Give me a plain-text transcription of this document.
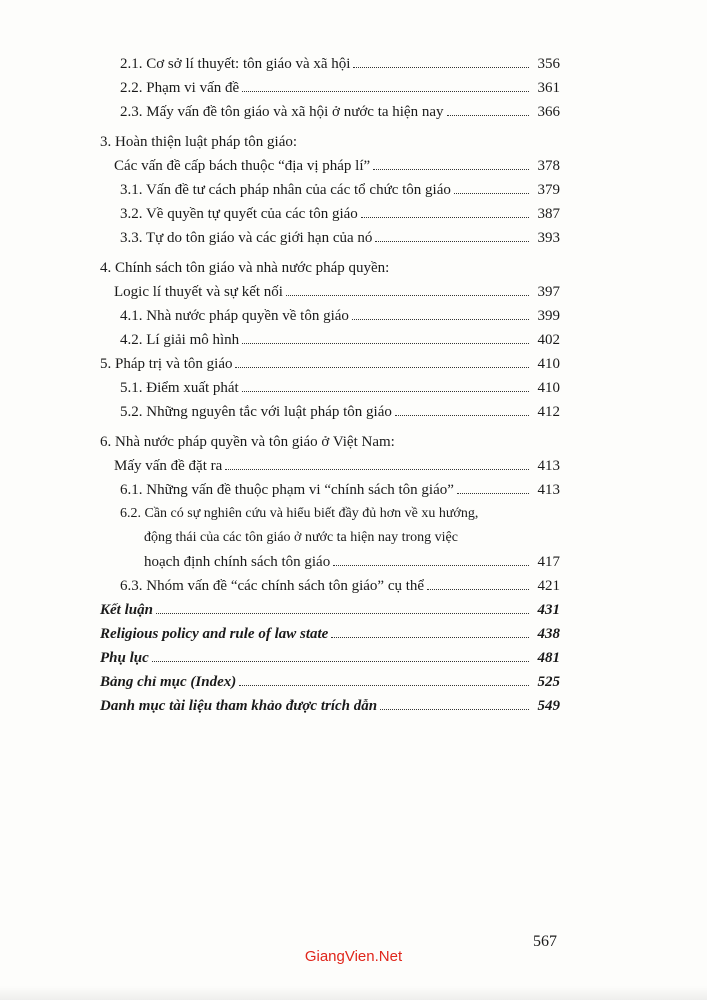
2.1. Cơ sở lí thuyết: tôn giáo và xã hội	356
2.2. Phạm vi vấn đề	361
2.3. Mấy vấn đề tôn giáo và xã hội ở nước ta hiện nay	366
3. Hoàn thiện luật pháp tôn giáo:
Các vấn đề cấp bách thuộc “địa vị pháp lí”	378
3.1. Vấn đề tư cách pháp nhân của các tổ chức tôn giáo	379
3.2. Về quyền tự quyết của các tôn giáo	387
3.3. Tự do tôn giáo và các giới hạn của nó	393
4. Chính sách tôn giáo và nhà nước pháp quyền:
Logic lí thuyết và sự kết nối	397
4.1. Nhà nước pháp quyền về tôn giáo	399
4.2. Lí giải mô hình	402
5. Pháp trị và tôn giáo	410
5.1. Điểm xuất phát	410
5.2. Những nguyên tắc với luật pháp tôn giáo	412
6. Nhà nước pháp quyền và tôn giáo ở Việt Nam:
Mấy vấn đề đặt ra	413
6.1. Những vấn đề thuộc phạm vi “chính sách tôn giáo”	413
6.2. Cần có sự nghiên cứu và hiểu biết đầy đủ hơn về xu hướng,
động thái của các tôn giáo ở nước ta hiện nay trong việc
hoạch định chính sách tôn giáo	417
6.3. Nhóm vấn đề “các chính sách tôn giáo” cụ thể	421
Kết luận	431
Religious policy and rule of law state	438
Phụ lục	481
Bảng chỉ mục (Index)	525
Danh mục tài liệu tham khảo được trích dẫn	549
567
GiangVien.Net
